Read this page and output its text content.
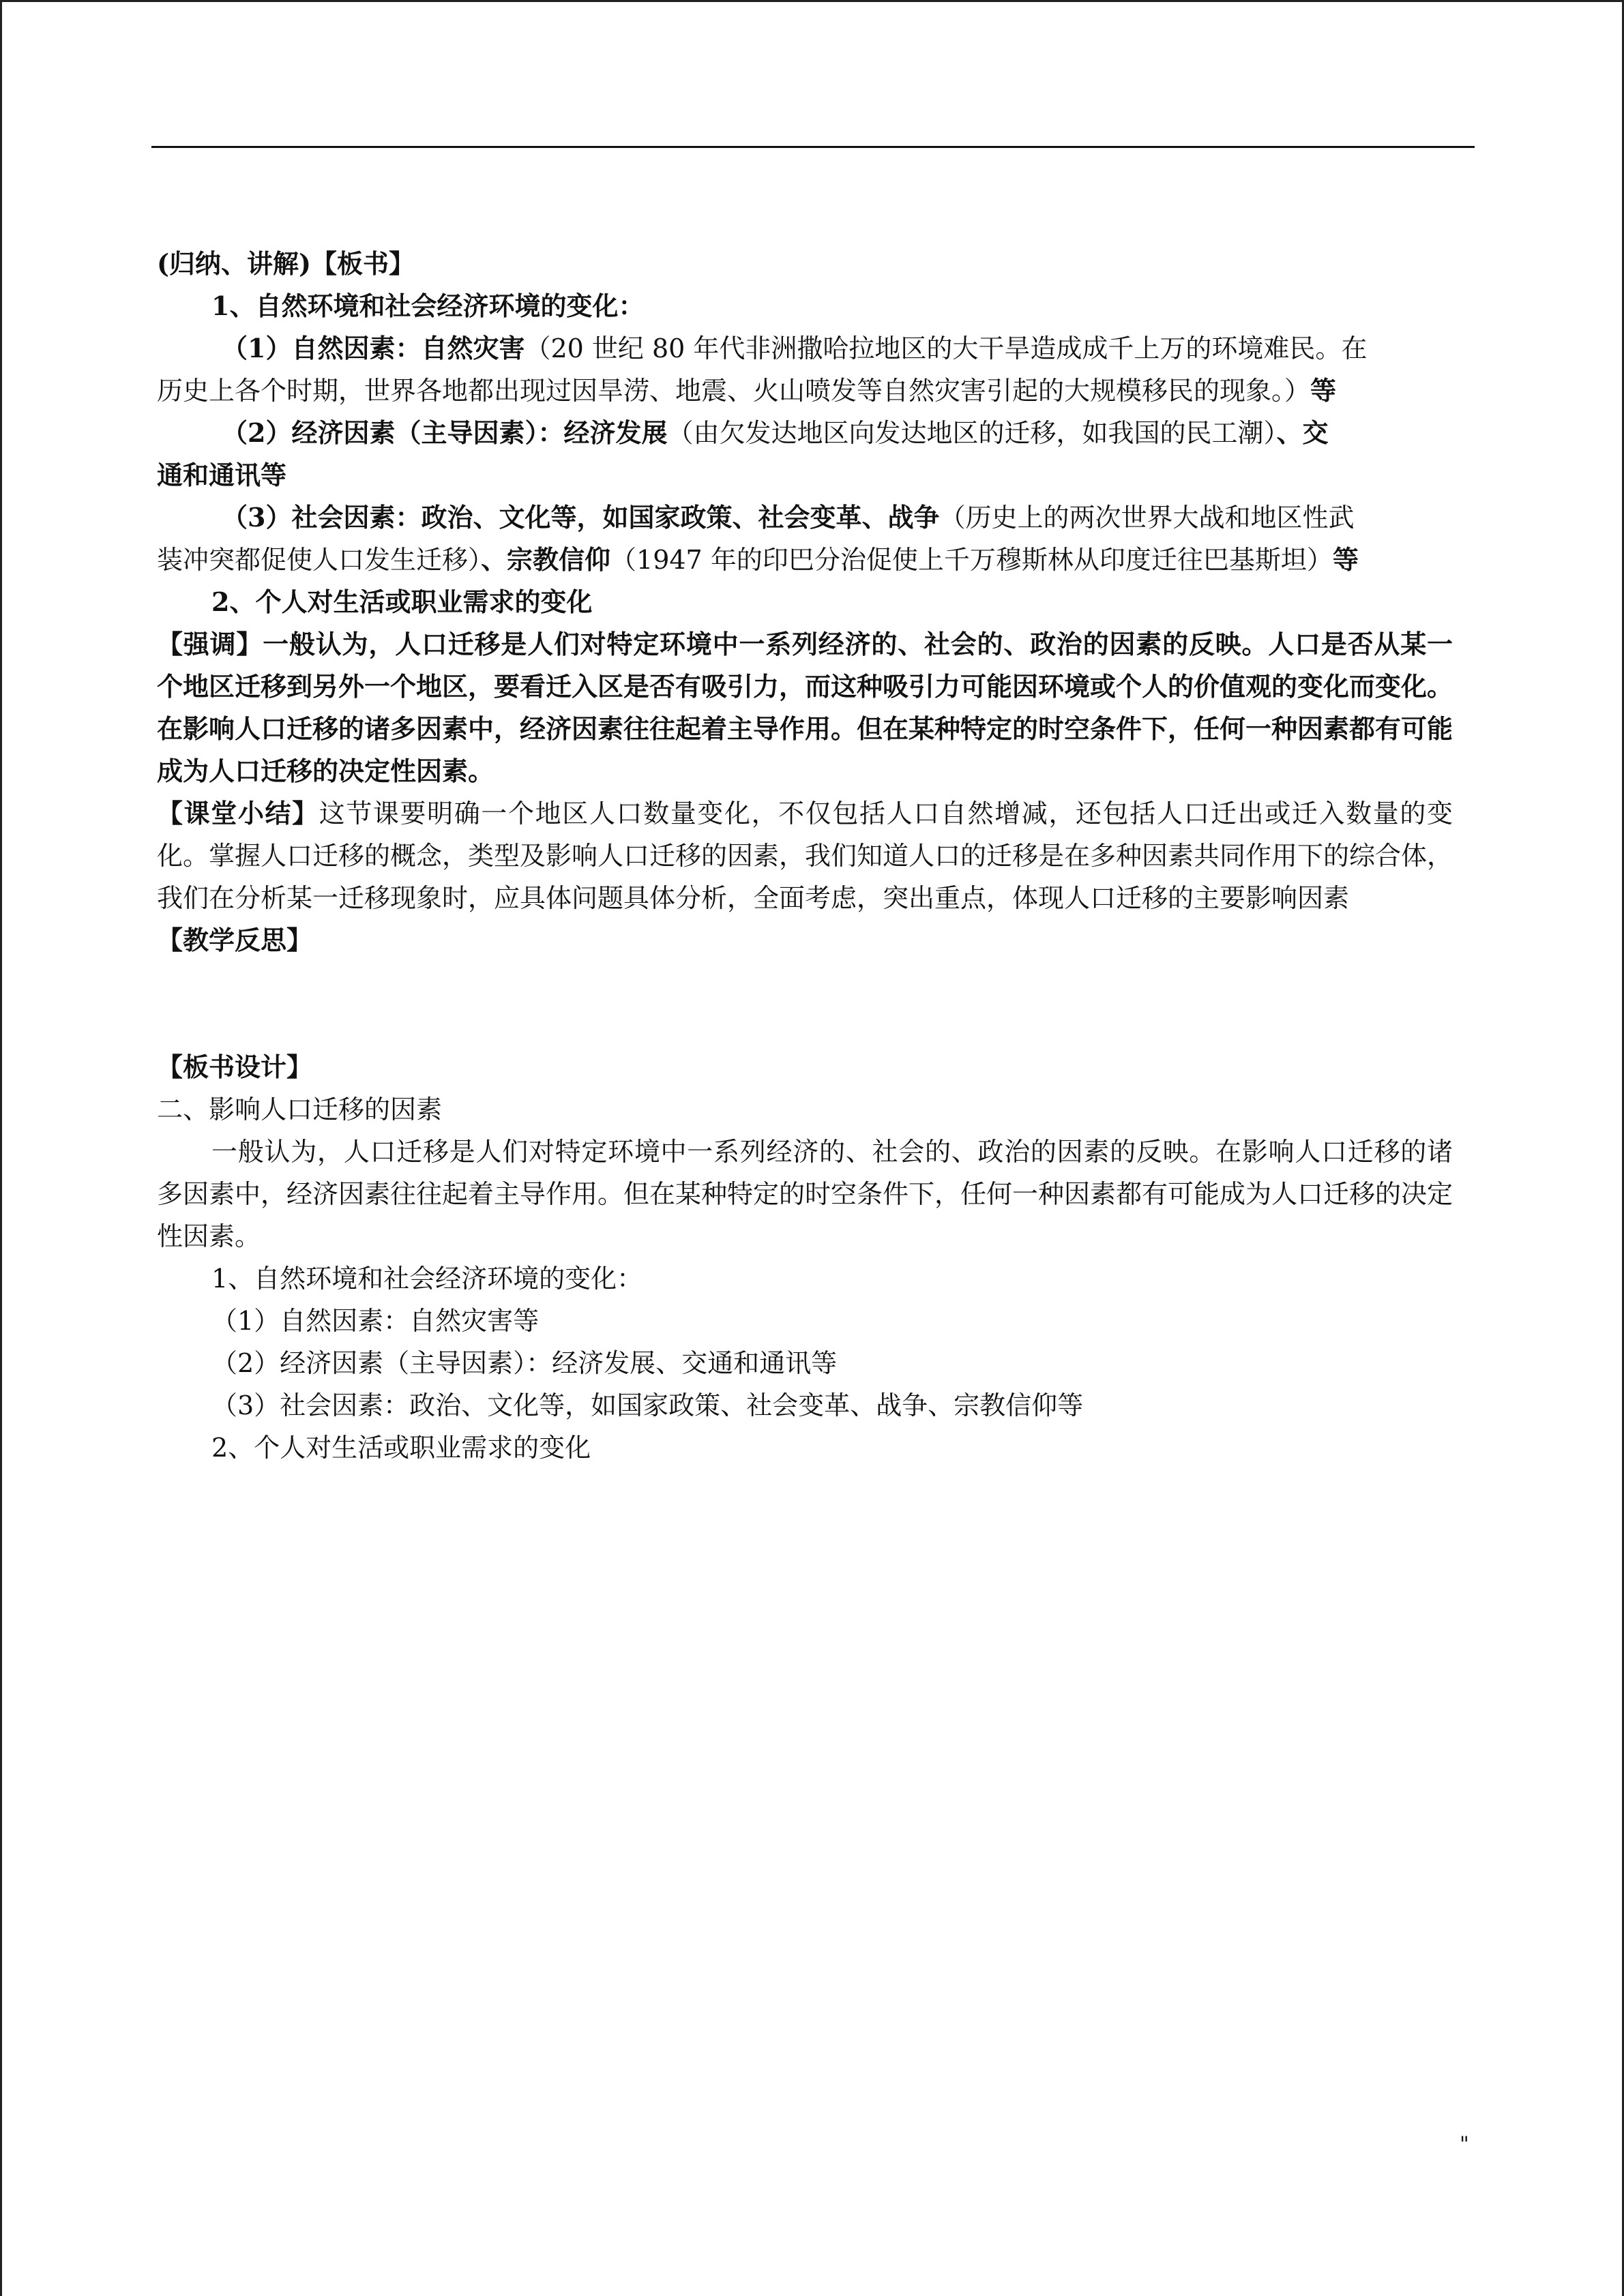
(归纳、讲解)【板书】
1、自然环境和社会经济环境的变化：
（1）自然因素：自然灾害（20 世纪 80 年代非洲撒哈拉地区的大干旱造成成千上万的环境难民。在
历史上各个时期，世界各地都出现过因旱涝、地震、火山喷发等自然灾害引起的大规模移民的现象。）等
（2）经济因素（主导因素）：经济发展（由欠发达地区向发达地区的迁移，如我国的民工潮）、交
通和通讯等
（3）社会因素：政治、文化等，如国家政策、社会变革、战争（历史上的两次世界大战和地区性武
装冲突都促使人口发生迁移）、宗教信仰（1947 年的印巴分治促使上千万穆斯林从印度迁往巴基斯坦）等
2、个人对生活或职业需求的变化
【强调】一般认为，人口迁移是人们对特定环境中一系列经济的、社会的、政治的因素的反映。人口是否从某一个地区迁移到另外一个地区，要看迁入区是否有吸引力，而这种吸引力可能因环境或个人的价值观的变化而变化。在影响人口迁移的诸多因素中，经济因素往往起着主导作用。但在某种特定的时空条件下，任何一种因素都有可能成为人口迁移的决定性因素。
【课堂小结】这节课要明确一个地区人口数量变化，不仅包括人口自然增减，还包括人口迁出或迁入数量的变化。掌握人口迁移的概念，类型及影响人口迁移的因素，我们知道人口的迁移是在多种因素共同作用下的综合体，我们在分析某一迁移现象时，应具体问题具体分析，全面考虑，突出重点，体现人口迁移的主要影响因素
【教学反思】
【板书设计】
二、影响人口迁移的因素
一般认为，人口迁移是人们对特定环境中一系列经济的、社会的、政治的因素的反映。在影响人口迁移的诸多因素中，经济因素往往起着主导作用。但在某种特定的时空条件下，任何一种因素都有可能成为人口迁移的决定性因素。
1、自然环境和社会经济环境的变化：
（1）自然因素：自然灾害等
（2）经济因素（主导因素）：经济发展、交通和通讯等
（3）社会因素：政治、文化等，如国家政策、社会变革、战争、宗教信仰等
2、个人对生活或职业需求的变化
"
